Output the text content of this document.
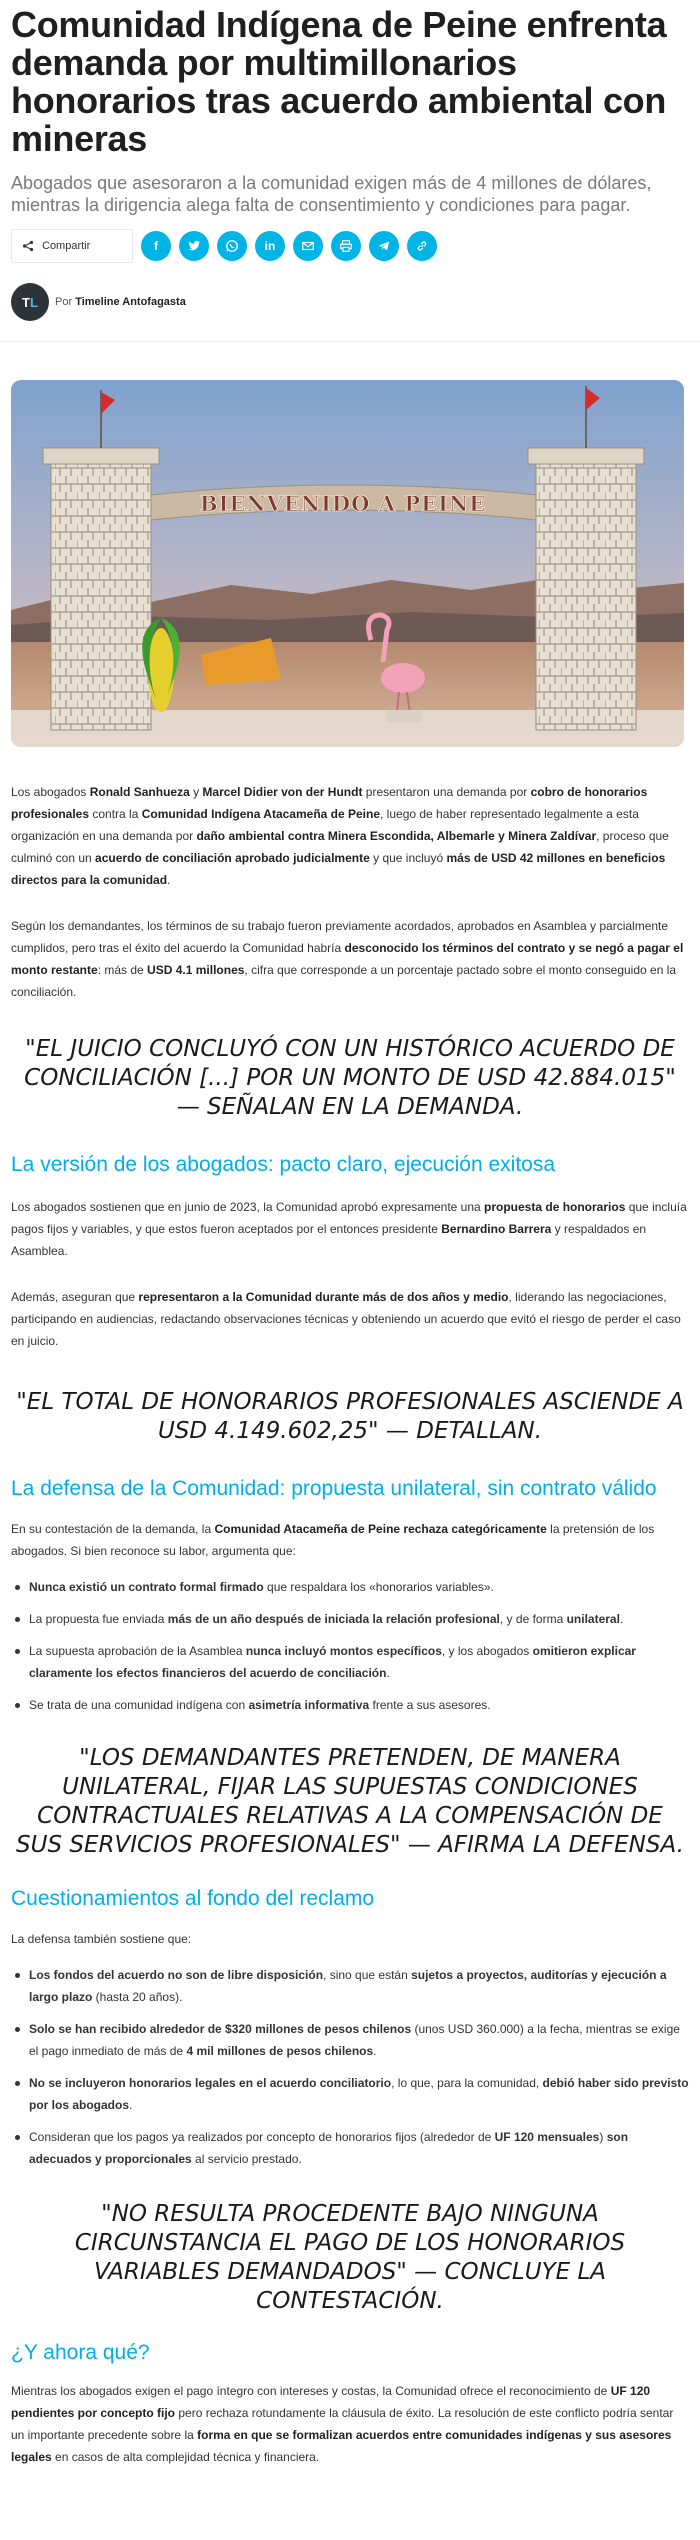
Comunidad Indígena de Peine enfrenta demanda por multimillonarios honorarios tras acuerdo ambiental con mineras

Abogados que asesoraron a la comunidad exigen más de 4 millones de dólares, mientras la dirigencia alega falta de consentimiento y condiciones para pagar.

Compartir	f	in
T L Por Timeline Antofagasta
BIENVENIDO A PEINE

Los abogados Ronald Sanhueza y Marcel Didier von der Hundt presentaron una demanda por cobro de honorarios profesionales contra la Comunidad Indígena Atacameña de Peine, luego de haber representado legalmente a esta organización en una demanda por daño ambiental contra Minera Escondida, Albemarle y Minera Zaldívar, proceso que culminó con un acuerdo de conciliación aprobado judicialmente y que incluyó más de USD 42 millones en beneficios directos para la comunidad.

Según los demandantes, los términos de su trabajo fueron previamente acordados, aprobados en Asamblea y parcialmente cumplidos, pero tras el éxito del acuerdo la Comunidad habría desconocido los términos del contrato y se negó a pagar el monto restante: más de USD 4.1 millones, cifra que corresponde a un porcentaje pactado sobre el monto conseguido en la conciliación.

"EL JUICIO CONCLUYÓ CON UN HISTÓRICO ACUERDO DE CONCILIACIÓN [...] POR UN MONTO DE USD 42.884.015" — SEÑALAN EN LA DEMANDA.

La versión de los abogados: pacto claro, ejecución exitosa

Los abogados sostienen que en junio de 2023, la Comunidad aprobó expresamente una propuesta de honorarios que incluía pagos fijos y variables, y que estos fueron aceptados por el entonces presidente Bernardino Barrera y respaldados en Asamblea.

Además, aseguran que representaron a la Comunidad durante más de dos años y medio, liderando las negociaciones, participando en audiencias, redactando observaciones técnicas y obteniendo un acuerdo que evitó el riesgo de perder el caso en juicio.

"EL TOTAL DE HONORARIOS PROFESIONALES ASCIENDE A USD 4.149.602,25" — DETALLAN.

La defensa de la Comunidad: propuesta unilateral, sin contrato válido

En su contestación de la demanda, la Comunidad Atacameña de Peine rechaza categóricamente la pretensión de los abogados. Si bien reconoce su labor, argumenta que:

Nunca existió un contrato formal firmado que respaldara los «honorarios variables».
La propuesta fue enviada más de un año después de iniciada la relación profesional, y de forma unilateral.
La supuesta aprobación de la Asamblea nunca incluyó montos específicos, y los abogados omitieron explicar claramente los efectos financieros del acuerdo de conciliación.
Se trata de una comunidad indígena con asimetría informativa frente a sus asesores.

"LOS DEMANDANTES PRETENDEN, DE MANERA UNILATERAL, FIJAR LAS SUPUESTAS CONDICIONES CONTRACTUALES RELATIVAS A LA COMPENSACIÓN DE SUS SERVICIOS PROFESIONALES" — AFIRMA LA DEFENSA.

Cuestionamientos al fondo del reclamo

La defensa también sostiene que:

Los fondos del acuerdo no son de libre disposición, sino que están sujetos a proyectos, auditorías y ejecución a largo plazo (hasta 20 años).
Solo se han recibido alrededor de $320 millones de pesos chilenos (unos USD 360.000) a la fecha, mientras se exige el pago inmediato de más de 4 mil millones de pesos chilenos.
No se incluyeron honorarios legales en el acuerdo conciliatorio, lo que, para la comunidad, debió haber sido previsto por los abogados.
Consideran que los pagos ya realizados por concepto de honorarios fijos (alrededor de UF 120 mensuales) son adecuados y proporcionales al servicio prestado.

"NO RESULTA PROCEDENTE BAJO NINGUNA CIRCUNSTANCIA EL PAGO DE LOS HONORARIOS VARIABLES DEMANDADOS" — CONCLUYE LA CONTESTACIÓN.

¿Y ahora qué?

Mientras los abogados exigen el pago íntegro con intereses y costas, la Comunidad ofrece el reconocimiento de UF 120 pendientes por concepto fijo pero rechaza rotundamente la cláusula de éxito. La resolución de este conflicto podría sentar un importante precedente sobre la forma en que se formalizan acuerdos entre comunidades indígenas y sus asesores legales en casos de alta complejidad técnica y financiera.
